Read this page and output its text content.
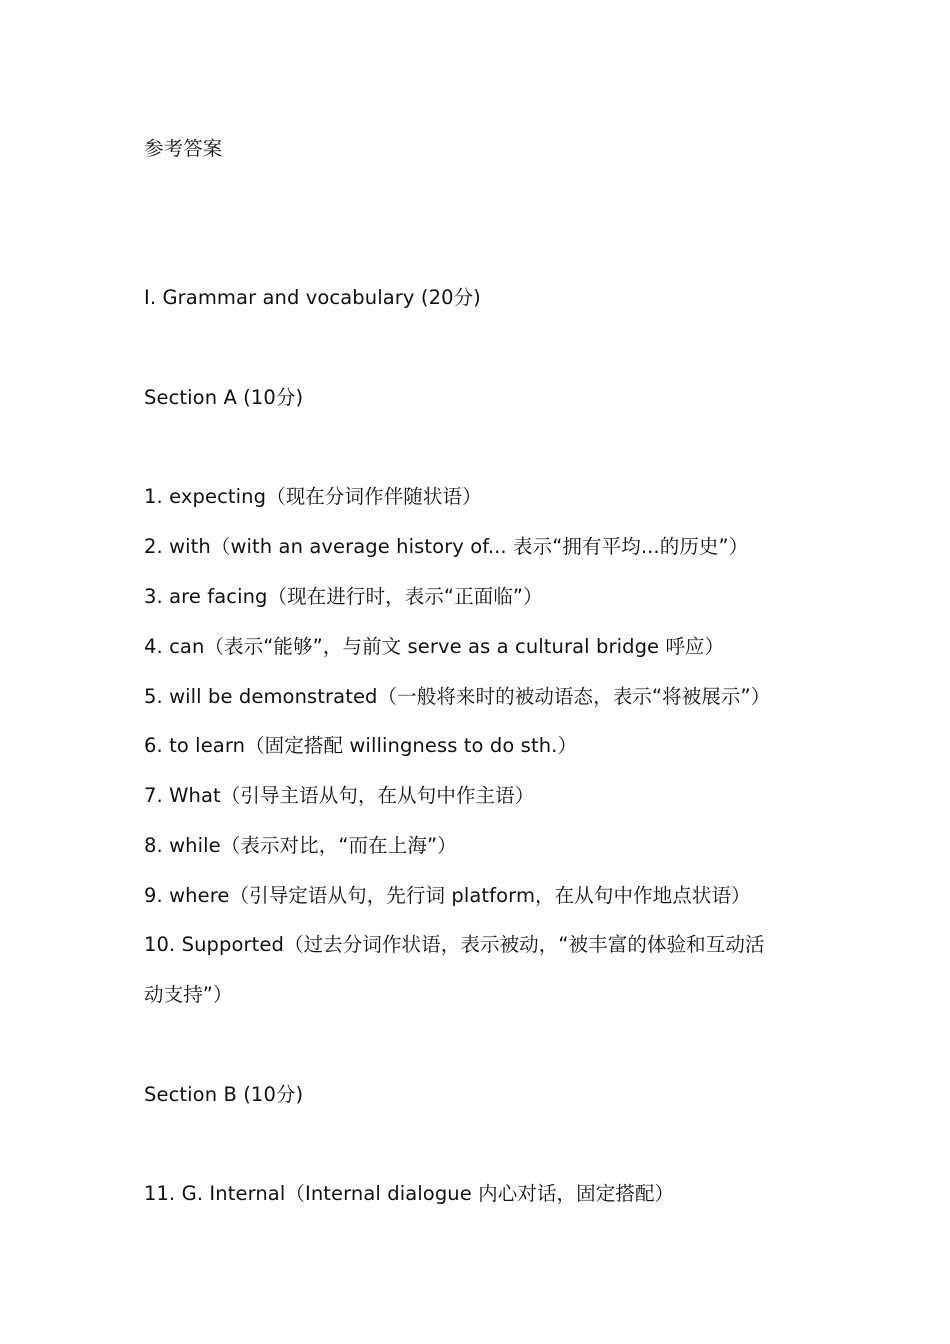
参考答案
I. Grammar and vocabulary (20分)
Section A (10分)
1. expecting（现在分词作伴随状语）
2. with（with an average history of... 表示“拥有平均...的历史”）
3. are facing（现在进行时，表示“正面临”）
4. can（表示“能够”，与前文 serve as a cultural bridge 呼应）
5. will be demonstrated（一般将来时的被动语态，表示“将被展示”）
6. to learn（固定搭配 willingness to do sth.）
7. What（引导主语从句，在从句中作主语）
8. while（表示对比，“而在上海”）
9. where（引导定语从句，先行词 platform，在从句中作地点状语）
10. Supported（过去分词作状语，表示被动，“被丰富的体验和互动活
动支持”）
Section B (10分)
11. G. Internal（Internal dialogue 内心对话，固定搭配）
